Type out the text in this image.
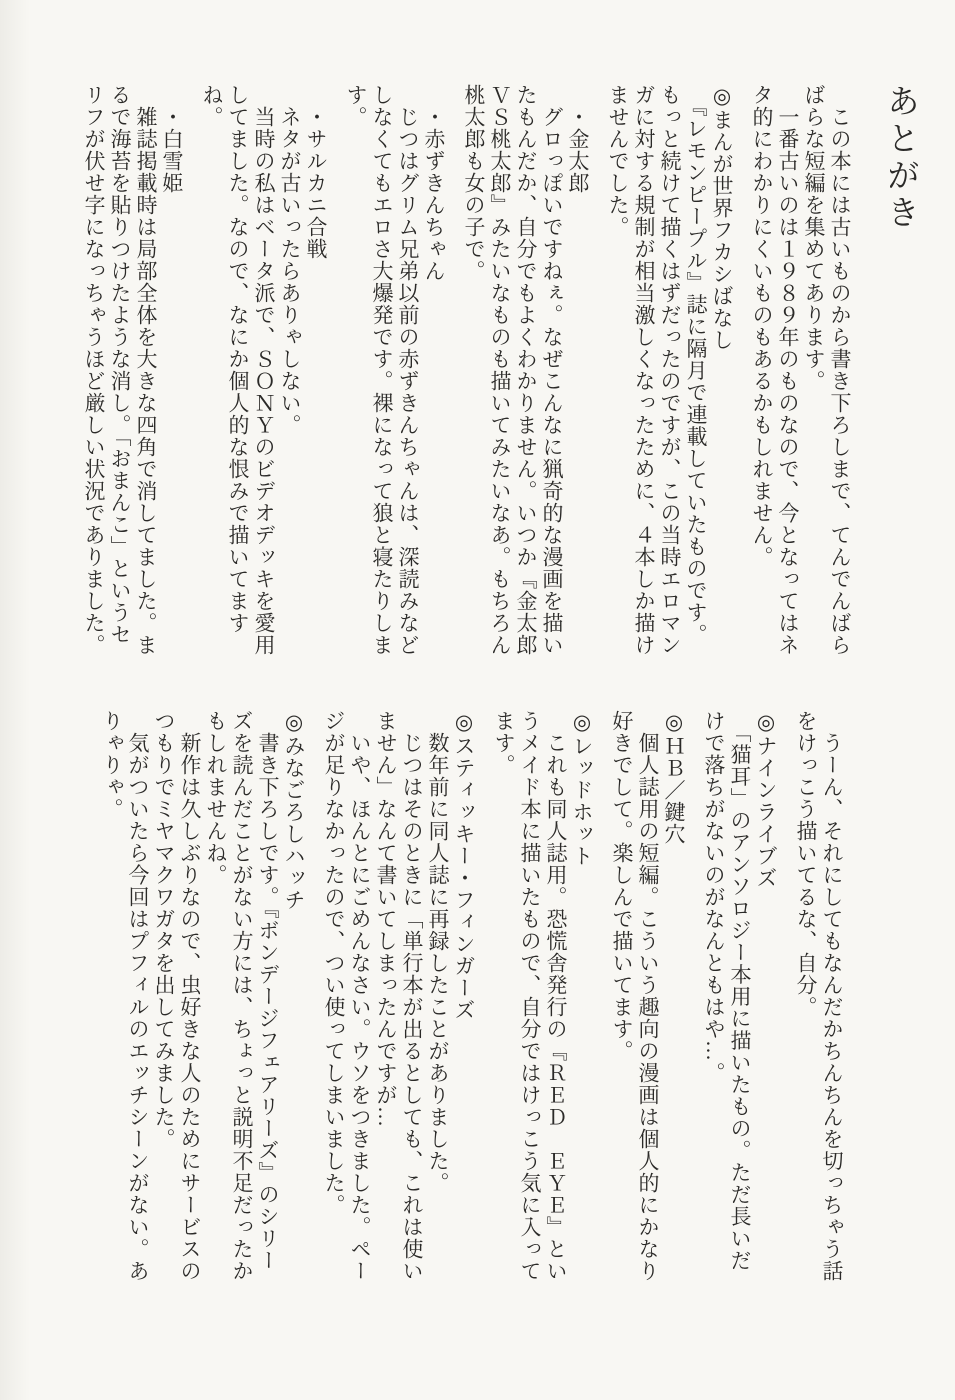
あとがき

　この本には古いものから書き下ろしまで、てんでんばら

ばらな短編を集めてあります。

　一番古いのは１９８９年のものなので、今となってはネ

タ的にわかりにくいものもあるかもしれません。

◎まんが世界フカシばなし

　『レモンピープル』誌に隔月で連載していたものです。

もっと続けて描くはずだったのですが、この当時エロマン

ガに対する規制が相当激しくなったために、４本しか描け

ませんでした。

　・金太郎

　グロっぽいですねぇ。なぜこんなに猟奇的な漫画を描い

たもんだか、自分でもよくわかりません。いつか『金太郎

ＶＳ桃太郎』みたいなものも描いてみたいなあ。もちろん

桃太郎も女の子で。

　・赤ずきんちゃん

　じつはグリム兄弟以前の赤ずきんちゃんは、深読みなど

しなくてもエロさ大爆発です。裸になって狼と寝たりしま

す。

　・サルカニ合戦

　ネタが古いったらありゃしない。

　当時の私はベータ派で、ＳＯＮＹのビデオデッキを愛用

してました。なので、なにか個人的な恨みで描いてますね。

　・白雪姫

　雑誌掲載時は局部全体を大きな四角で消してました。ま

るで海苔を貼りつけたような消し。「おまんこ」というセ

リフが伏せ字になっちゃうほど厳しい状況でありました。

　うーん、それにしてもなんだかちんちんを切っちゃう話

をけっこう描いてるな、自分。

◎ナインライブズ

　「猫耳」のアンソロジー本用に描いたもの。ただ長いだ

けで落ちがないのがなんともはや…。

◎ＨＢ／鍵穴

　個人誌用の短編。こういう趣向の漫画は個人的にかなり

好きでして。楽しんで描いてます。

◎レッドホット

　これも同人誌用。恐慌舎発行の『ＲＥＤ　ＥＹＥ』とい

うメイド本に描いたもので、自分ではけっこう気に入って

ます。

◎スティッキー・フィンガーズ

　数年前に同人誌に再録したことがありました。

　じつはそのときに「単行本が出るとしても、これは使い

ません」なんて書いてしまったんですが…

　いや、ほんとにごめんなさい。ウソをつきました。ペー

ジが足りなかったので、つい使ってしまいました。

◎みなごろしハッチ

　書き下ろしです。『ボンデージフェアリーズ』のシリー

ズを読んだことがない方には、ちょっと説明不足だったか

もしれませんね。

　新作は久しぶりなので、虫好きな人のためにサービスの

つもりでミヤマクワガタを出してみました。

　気がついたら今回はプフィルのエッチシーンがない。あ

りゃりゃ。
